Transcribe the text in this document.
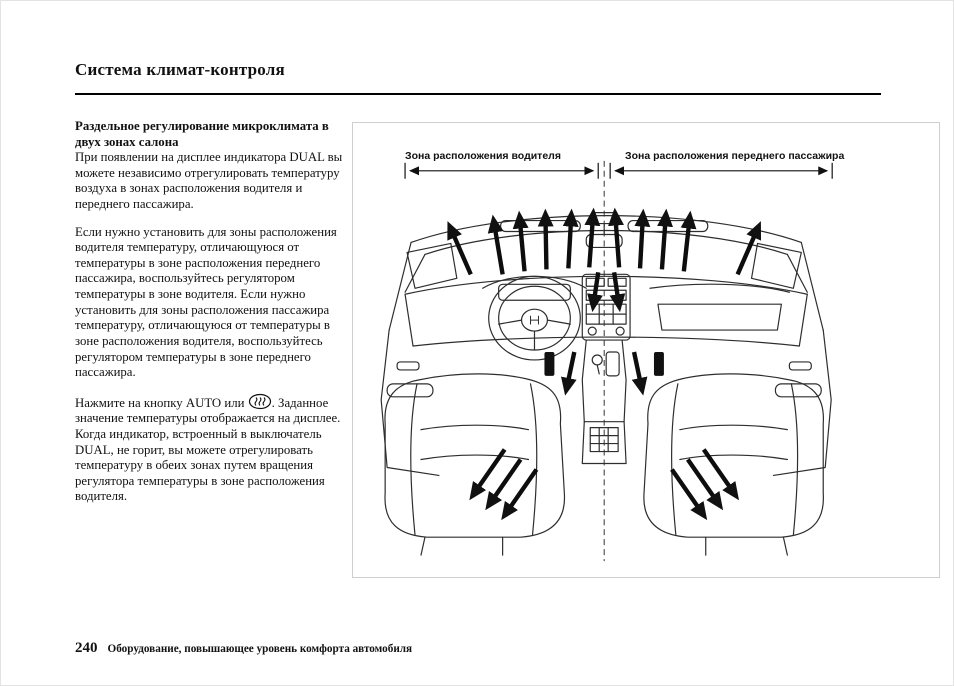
Система климат-контроля
Раздельное регулирование микроклимата в двух зонах салона

При появлении на дисплее индикатора DUAL вы можете независимо отрегулировать температуру воздуха в зонах расположения водителя и переднего пассажира.

Если нужно установить для зоны расположения водителя температуру, отличающуюся от температуры в зоне расположения переднего пассажира, воспользуйтесь регулятором температуры в зоне водителя. Если нужно установить для зоны расположения пассажира температуру, отличающуюся от температуры в зоне расположения водителя, воспользуйтесь регулятором температуры в зоне переднего пассажира.

Нажмите на кнопку AUTO или . Заданное значение температуры отображается на дисплее. Когда индикатор, встроенный в выключатель DUAL, не горит, вы можете отрегулировать температуру в обеих зонах путем вращения регулятора температуры в зоне расположения водителя.

Зона расположения водителя	Зона расположения переднего пассажира
240 Оборудование, повышающее уровень комфорта автомобиля
